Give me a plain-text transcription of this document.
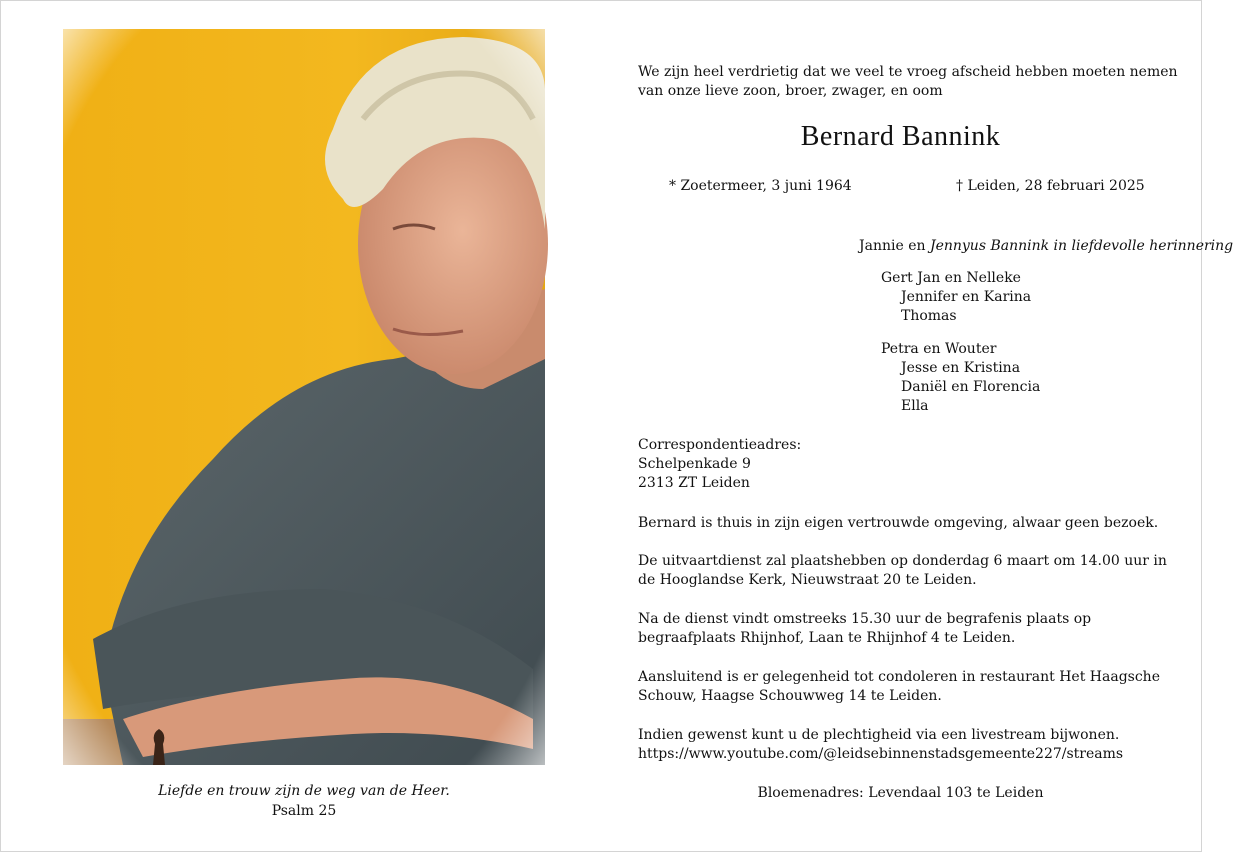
Liefde en trouw zijn de weg van de Heer.
Psalm 25

We zijn heel verdrietig dat we veel te vroeg afscheid hebben moeten nemen van onze lieve zoon, broer, zwager, en oom

Bernard Bannink
* Zoetermeer, 3 juni 1964	† Leiden, 28 februari 2025
Jannie en Jennyus Bannink in liefdevolle herinnering
Gert Jan en Nelleke
Jennifer en Karina
Thomas
Petra en Wouter
Jesse en Kristina
Daniël en Florencia
Ella
Correspondentieadres:
Schelpenkade 9
2313 ZT Leiden

Bernard is thuis in zijn eigen vertrouwde omgeving, alwaar geen bezoek.

De uitvaartdienst zal plaatshebben op donderdag 6 maart om 14.00 uur in de Hooglandse Kerk, Nieuwstraat 20 te Leiden.

Na de dienst vindt omstreeks 15.30 uur de begrafenis plaats op begraafplaats Rhijnhof, Laan te Rhijnhof 4 te Leiden.

Aansluitend is er gelegenheid tot condoleren in restaurant Het Haagsche Schouw, Haagse Schouwweg 14 te Leiden.

Indien gewenst kunt u de plechtigheid via een livestream bijwonen.
https://www.youtube.com/@leidsebinnenstadsgemeente227/streams
Bloemenadres: Levendaal 103 te Leiden
